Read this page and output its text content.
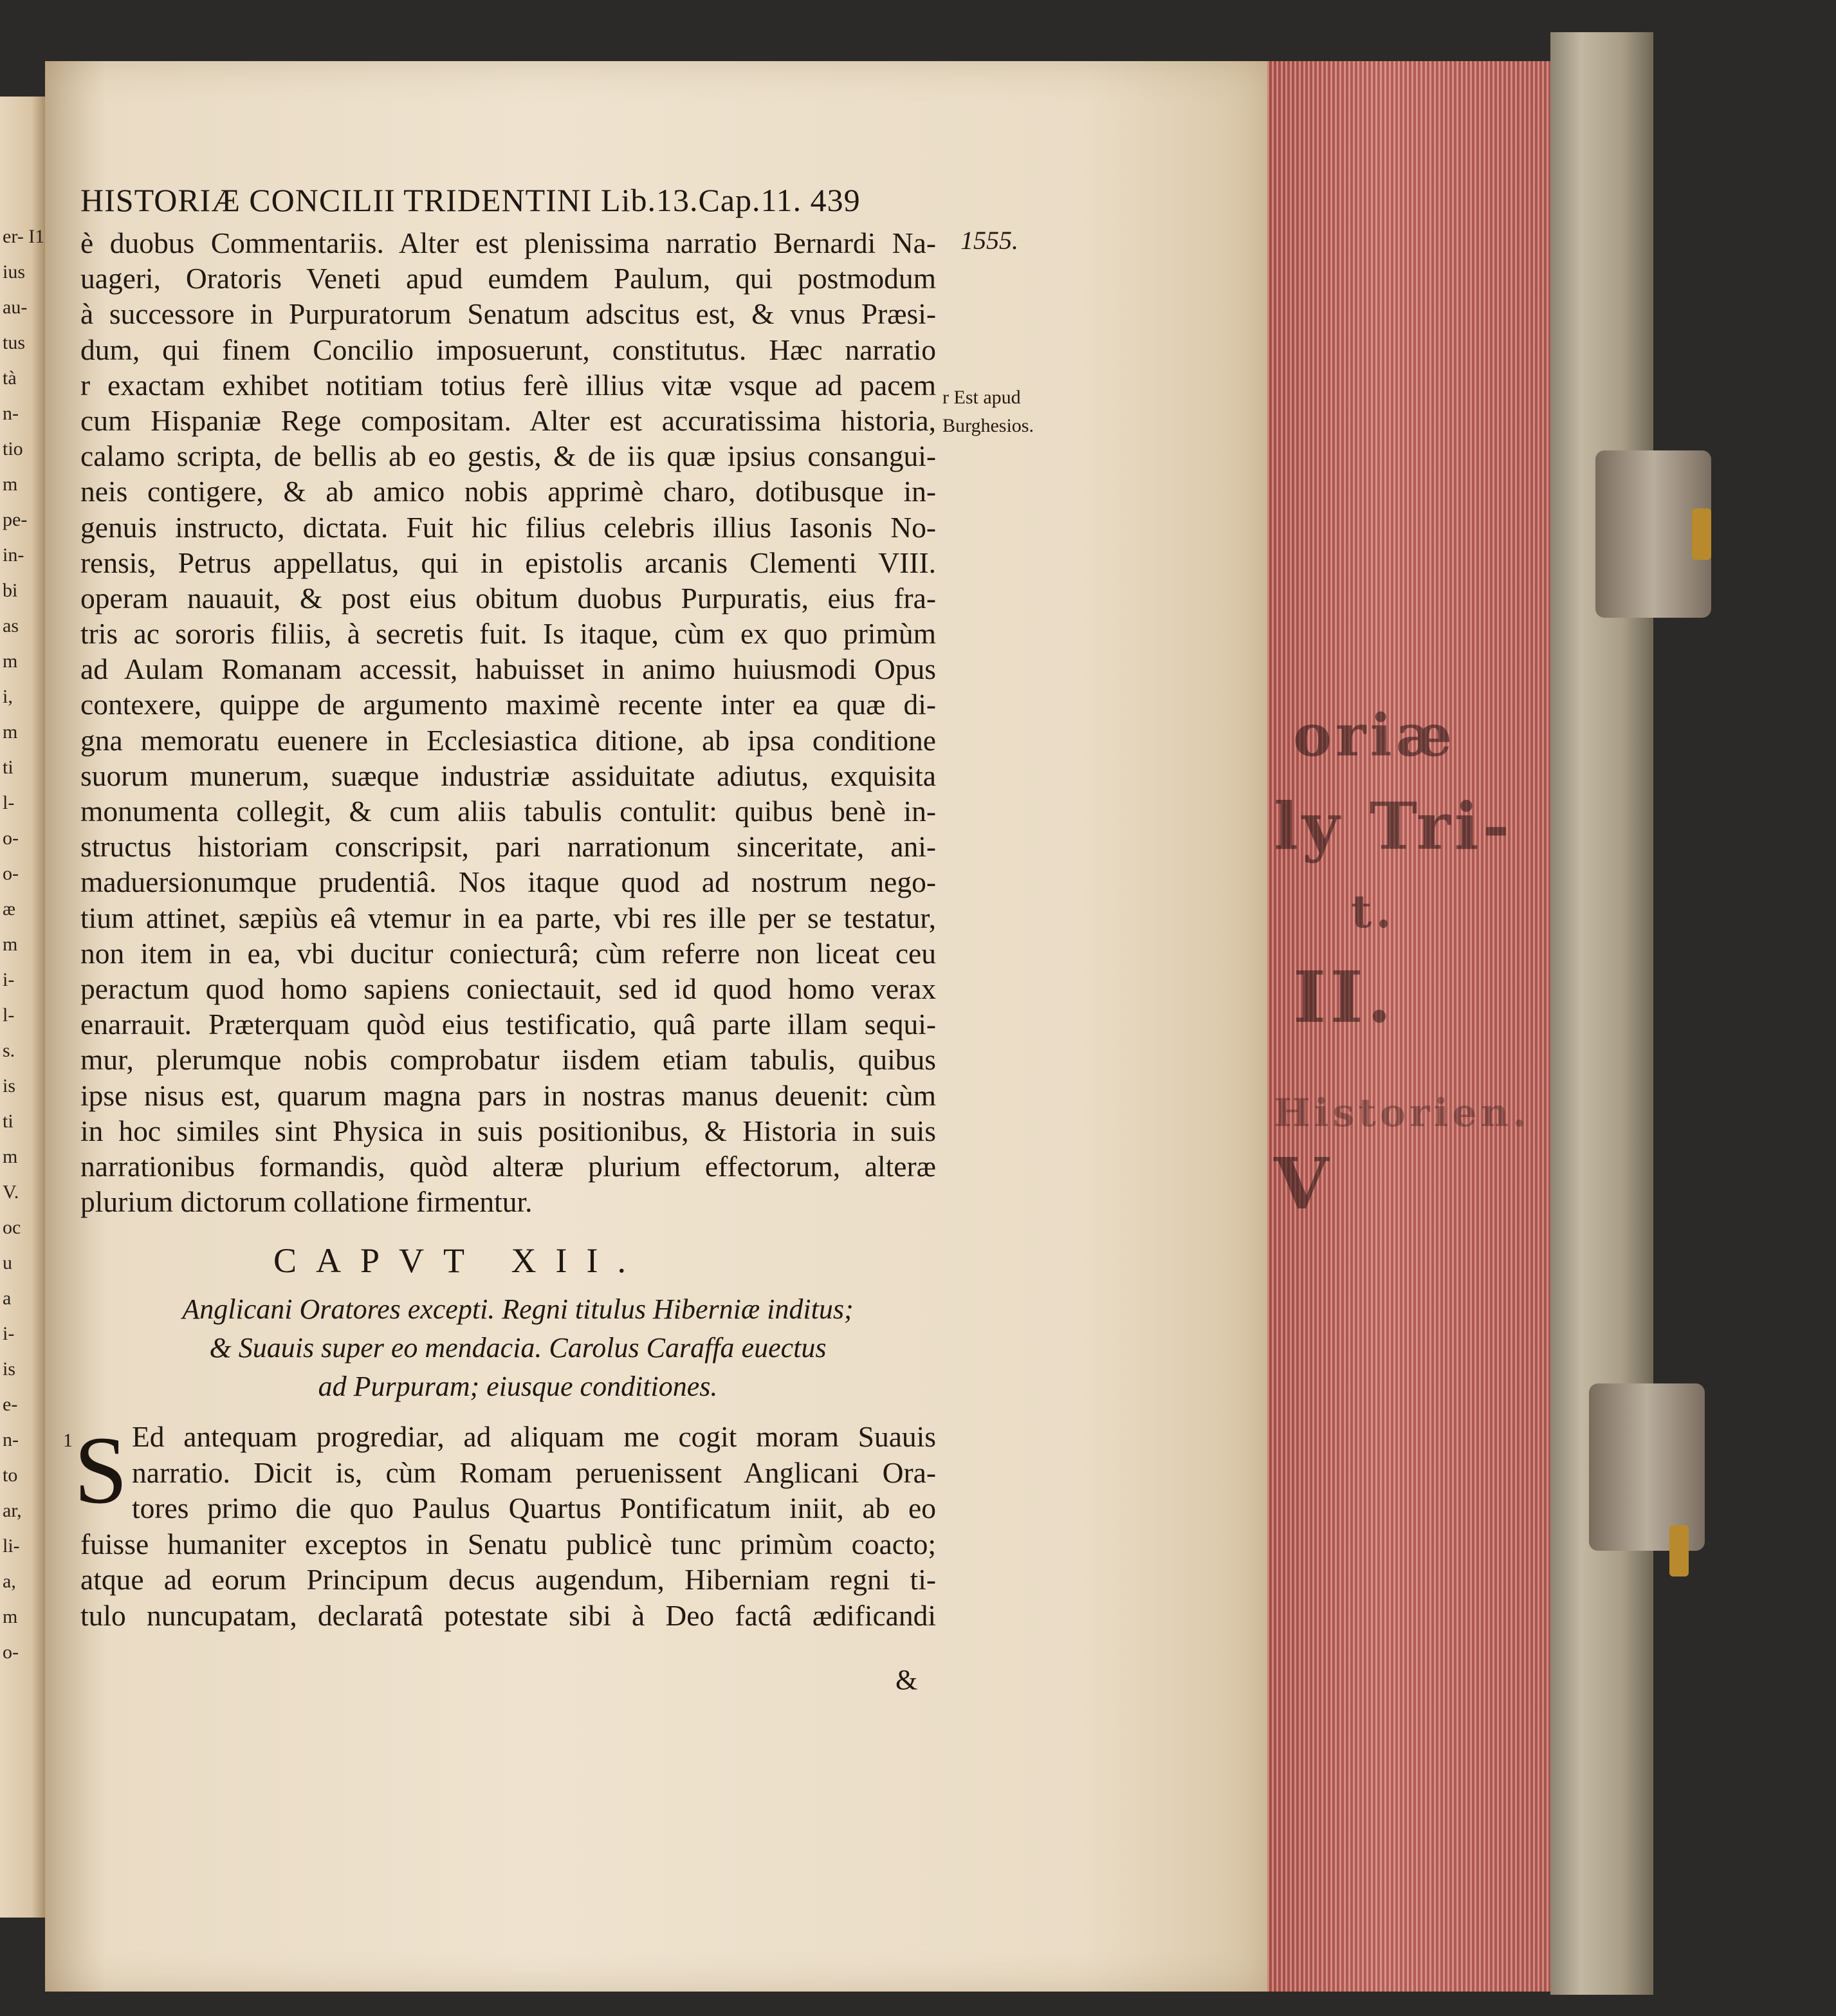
er- I1
ius
au-
tus
tà
n-
tio
m
pe-
in-
bi
as
m
i,
m
ti
l-
o-
o-
æ
m
i-
l-
s.
is
ti
m
V.
oc
u
a
i-
is
e-
n-
to
ar,
li-
a,
m
o-
oriæ
ly Tri-
t.
II.
Historien.
V
HISTORIÆ CONCILII TRIDENTINI Lib.13.Cap.11. 439
1555.
r Est apud
Burghesios.
è duobus Commentariis. Alter est plenissima narratio Bernardi Na-
uageri, Oratoris Veneti apud eumdem Paulum, qui postmodum
à successore in Purpuratorum Senatum adscitus est, & vnus Præsi-
dum, qui finem Concilio imposuerunt, constitutus. Hæc narratio
r exactam exhibet notitiam totius ferè illius vitæ vsque ad pacem
cum Hispaniæ Rege compositam. Alter est accuratissima historia,
calamo scripta, de bellis ab eo gestis, & de iis quæ ipsius consangui-
neis contigere, & ab amico nobis apprimè charo, dotibusque in-
genuis instructo, dictata. Fuit hic filius celebris illius Iasonis No-
rensis, Petrus appellatus, qui in epistolis arcanis Clementi VIII.
operam nauauit, & post eius obitum duobus Purpuratis, eius fra-
tris ac sororis filiis, à secretis fuit. Is itaque, cùm ex quo primùm
ad Aulam Romanam accessit, habuisset in animo huiusmodi Opus
contexere, quippe de argumento maximè recente inter ea quæ di-
gna memoratu euenere in Ecclesiastica ditione, ab ipsa conditione
suorum munerum, suæque industriæ assiduitate adiutus, exquisita
monumenta collegit, & cum aliis tabulis contulit: quibus benè in-
structus historiam conscripsit, pari narrationum sinceritate, ani-
maduersionumque prudentiâ. Nos itaque quod ad nostrum nego-
tium attinet, sæpiùs eâ vtemur in ea parte, vbi res ille per se testatur,
non item in ea, vbi ducitur coniecturâ; cùm referre non liceat ceu
peractum quod homo sapiens coniectauit, sed id quod homo verax
enarrauit. Præterquam quòd eius testificatio, quâ parte illam sequi-
mur, plerumque nobis comprobatur iisdem etiam tabulis, quibus
ipse nisus est, quarum magna pars in nostras manus deuenit: cùm
in hoc similes sint Physica in suis positionibus, & Historia in suis
narrationibus formandis, quòd alteræ plurium effectorum, alteræ
plurium dictorum collatione firmentur.
CAPVT XII.
Anglicani Oratores excepti. Regni titulus Hiberniæ inditus;
& Suauis super eo mendacia. Carolus Caraffa euectus
ad Purpuram; eiusque conditiones.
1 S Ed antequam progrediar, ad aliquam me cogit moram Suauis
narratio. Dicit is, cùm Romam peruenissent Anglicani Ora-
tores primo die quo Paulus Quartus Pontificatum iniit, ab eo
fuisse humaniter exceptos in Senatu publicè tunc primùm coacto;
atque ad eorum Principum decus augendum, Hiberniam regni ti-
tulo nuncupatam, declaratâ potestate sibi à Deo factâ ædificandi
&
